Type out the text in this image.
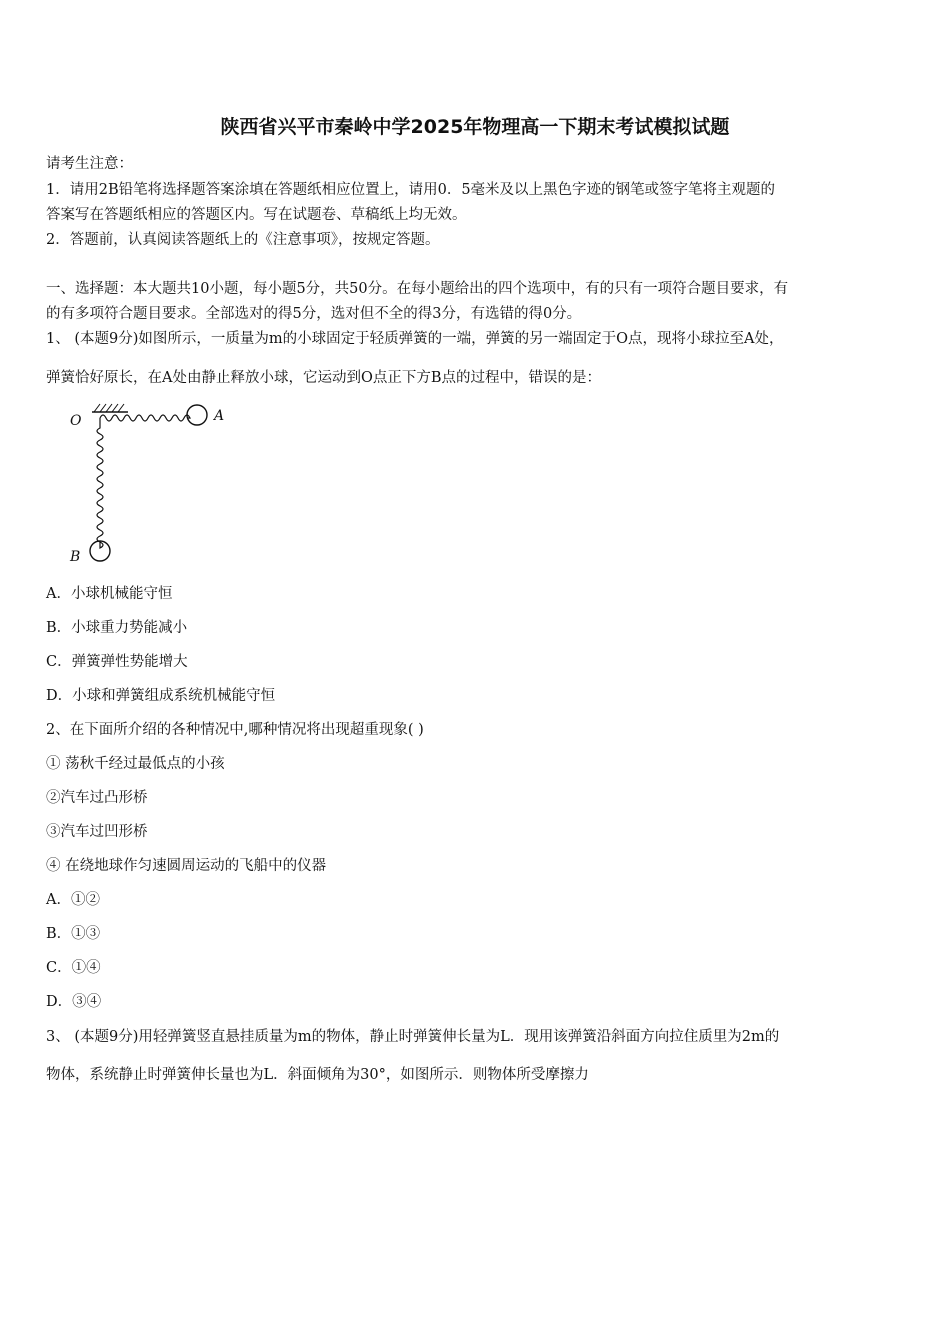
陕西省兴平市秦岭中学2025年物理高一下期末考试模拟试题
请考生注意：
1．请用2B铅笔将选择题答案涂填在答题纸相应位置上，请用0．5毫米及以上黑色字迹的钢笔或签字笔将主观题的
答案写在答题纸相应的答题区内。写在试题卷、草稿纸上均无效。
2．答题前，认真阅读答题纸上的《注意事项》，按规定答题。
一、选择题：本大题共10小题，每小题5分，共50分。在每小题给出的四个选项中，有的只有一项符合题目要求，有
的有多项符合题目要求。全部选对的得5分，选对但不全的得3分，有选错的得0分。
1、 (本题9分)如图所示，一质量为m的小球固定于轻质弹簧的一端，弹簧的另一端固定于O点，现将小球拉至A处，
弹簧恰好原长，在A处由静止释放小球，它运动到O点正下方B点的过程中，错误的是：
O	A
B
A．小球机械能守恒
B．小球重力势能减小
C．弹簧弹性势能增大
D．小球和弹簧组成系统机械能守恒
2、在下面所介绍的各种情况中,哪种情况将出现超重现象( )
① 荡秋千经过最低点的小孩
②汽车过凸形桥
③汽车过凹形桥
④ 在绕地球作匀速圆周运动的飞船中的仪器
A．①②
B．①③
C．①④
D．③④
3、 (本题9分)用轻弹簧竖直悬挂质量为m的物体，静止时弹簧伸长量为L．现用该弹簧沿斜面方向拉住质里为2m的
物体，系统静止时弹簧伸长量也为L．斜面倾角为30°，如图所示．则物体所受摩擦力
